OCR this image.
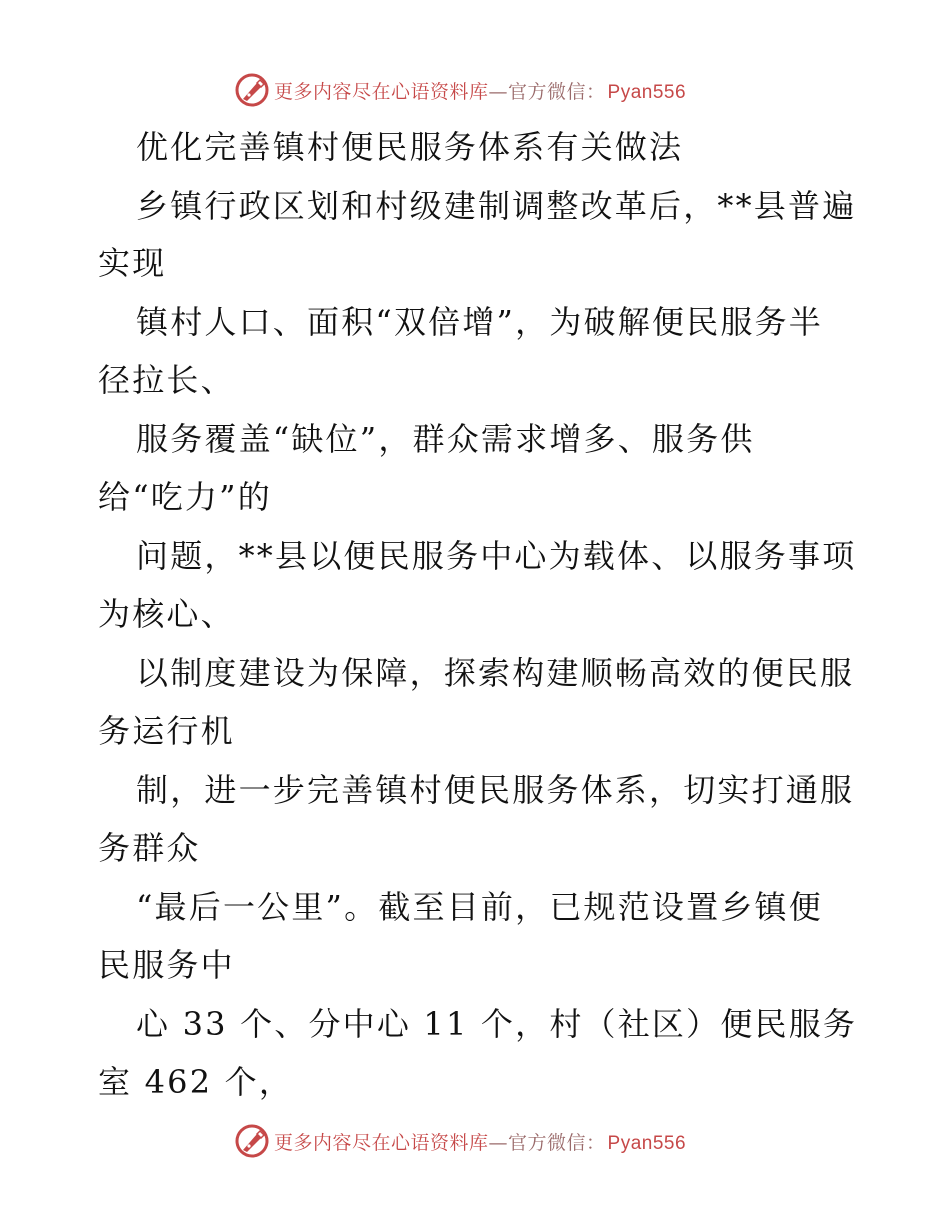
更多内容尽在心语资料库—官方微信： Pyan556
优化完善镇村便民服务体系有关做法
乡镇行政区划和村级建制调整改革后，**县普遍
实现
镇村人口、面积“双倍增”，为破解便民服务半
径拉长、
服务覆盖“缺位”，群众需求增多、服务供
给“吃力”的
问题，**县以便民服务中心为载体、以服务事项
为核心、
以制度建设为保障，探索构建顺畅高效的便民服
务运行机
制，进一步完善镇村便民服务体系，切实打通服
务群众
“最后一公里”。截至目前，已规范设置乡镇便
民服务中
心 33 个、分中心 11 个，村（社区）便民服务
室 462 个，
更多内容尽在心语资料库—官方微信： Pyan556
